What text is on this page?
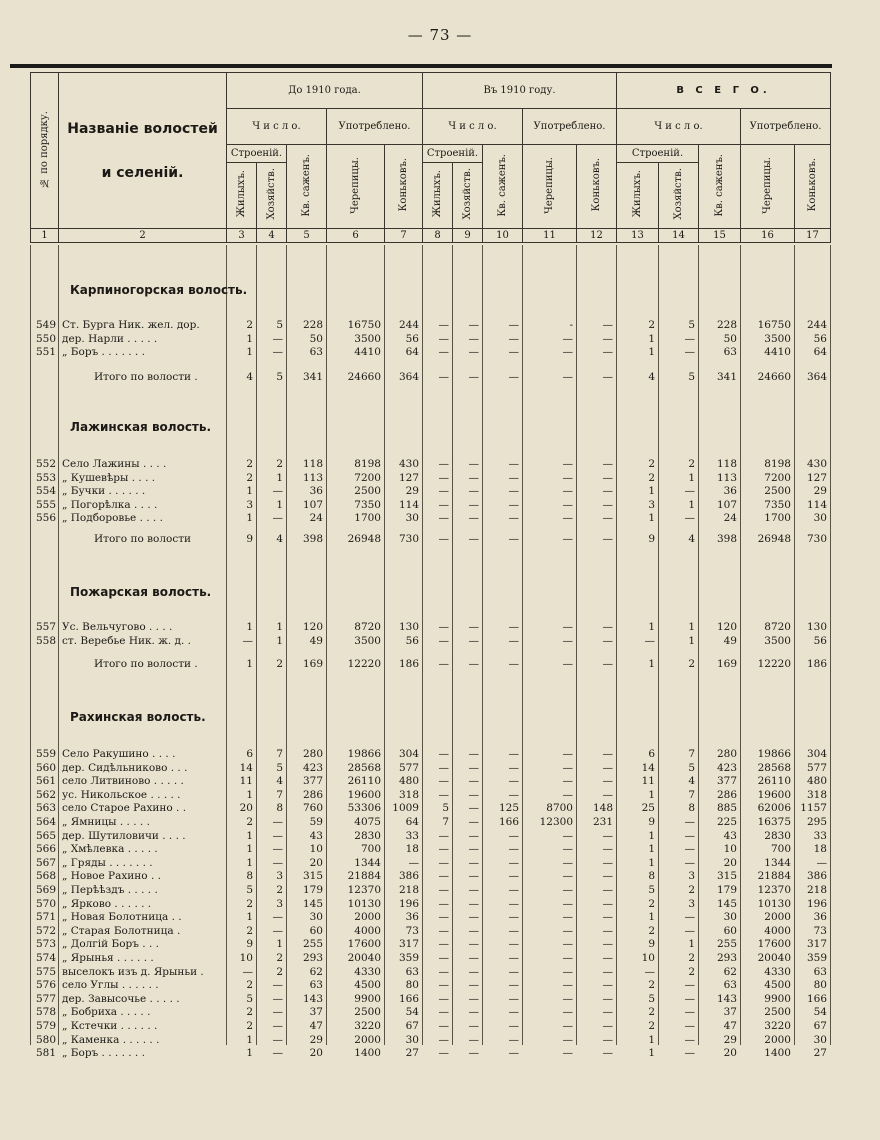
— 73 —
№ по порядку.	Названіе волостей
и селеній.	До 1910 года.					Въ 1910 году.					В С Е Г О.				
		Ч и с л о.			Употреблено.		Ч и с л о.			Употреблено.		Ч и с л о.			Употреблено.	
		Строеній.		Кв. саженъ.	Черепицы.	Коньковъ.	Строеній.		Кв. саженъ.	Черепицы.	Коньковъ.	Строеній.		Кв. саженъ.	Черепицы.	Коньковъ.
		Жилыхъ.	Хозяйств.				Жилыхъ.	Хозяйств.				Жилыхъ.	Хозяйств.			
1	2	3	4	5	6	7	8	9	10	11	12	13	14	15	16	17
Карпиногорская волость.
549 Ст. Бурга Ник. жел. дор.	2	5	228	16750	244	—	—	—	-	—	2	5	228	16750	244
550 дер. Нарли . . . . .	1	—	50	3500	56	—	—	—	—	—	1	—	50	3500	56
551 „ Боръ . . . . . . .	1	—	63	4410	64	—	—	—	—	—	1	—	63	4410	64
Итого по волости .	4	5	341	24660	364	—	—	—	—	—	4	5	341	24660	364
Лажинская волость.
552 Село Лажины . . . .	2	2	118	8198	430	—	—	—	—	—	2	2	118	8198	430
553 „ Кушевѣры . . . .	2	1	113	7200	127	—	—	—	—	—	2	1	113	7200	127
554 „ Бучки . . . . . .	1	—	36	2500	29	—	—	—	—	—	1	—	36	2500	29
555 „ Погорѣлка . . . .	3	1	107	7350	114	—	—	—	—	—	3	1	107	7350	114
556 „ Подборовье . . . .	1	—	24	1700	30	—	—	—	—	—	1	—	24	1700	30
Итого по волости	9	4	398	26948	730	—	—	—	—	—	9	4	398	26948	730
Пожарская волость.
557 Ус. Вельчугово . . . .	1	1	120	8720	130	—	—	—	—	—	1	1	120	8720	130
558 ст. Веребье Ник. ж. д. .	—	1	49	3500	56	—	—	—	—	—	—	1	49	3500	56
Итого по волости .	1	2	169	12220	186	—	—	—	—	—	1	2	169	12220	186
Рахинская волость.
559 Село Ракушино . . . .	6	7	280	19866	304	—	—	—	—	—	6	7	280	19866	304
560 дер. Сидѣльниково . . .	14	5	423	28568	577	—	—	—	—	—	14	5	423	28568	577
561 село Литвиново . . . . .	11	4	377	26110	480	—	—	—	—	—	11	4	377	26110	480
562 ус. Никольское . . . . .	1	7	286	19600	318	—	—	—	—	—	1	7	286	19600	318
563 село Старое Рахино . .	20	8	760	53306	1009	5	—	125	8700	148	25	8	885	62006 1157
564 „ Ямницы . . . . .	2	—	59	4075	64	7	—	166	12300	231	9	—	225	16375	295
565 дер. Шутиловичи . . . .	1	—	43	2830	33	—	—	—	—	—	1	—	43	2830	33
566 „ Хмѣлевка . . . . .	1	—	10	700	18	—	—	—	—	—	1	—	10	700	18
567 „ Гряды . . . . . . .	1	—	20	1344	—	—	—	—	—	—	1	—	20	1344	—
568 „ Новое Рахино . .	8	3	315	21884	386	—	—	—	—	—	8	3	315	21884	386
569 „ Перѣѣздъ . . . . .	5	2	179	12370	218	—	—	—	—	—	5	2	179	12370	218
570 „ Ярково . . . . . .	2	3	145	10130	196	—	—	—	—	—	2	3	145	10130	196
571 „ Новая Болотница . .	1	—	30	2000	36	—	—	—	—	—	1	—	30	2000	36
572 „ Старая Болотница .	2	—	60	4000	73	—	—	—	—	—	2	—	60	4000	73
573 „ Долгій Боръ . . .	9	1	255	17600	317	—	—	—	—	—	9	1	255	17600	317
574 „ Ярынья . . . . . .	10	2	293	20040	359	—	—	—	—	—	10	2	293	20040	359
575 выселокъ изъ д. Ярыньи .	—	2	62	4330	63	—	—	—	—	—	—	2	62	4330	63
576 село Углы . . . . . .	2	—	63	4500	80	—	—	—	—	—	2	—	63	4500	80
577 дер. Завысочье . . . . .	5	—	143	9900	166	—	—	—	—	—	5	—	143	9900	166
578 „ Бобриха . . . . .	2	—	37	2500	54	—	—	—	—	—	2	—	37	2500	54
579 „ Кстечки . . . . . .	2	—	47	3220	67	—	—	—	—	—	2	—	47	3220	67
580 „ Каменка . . . . . .	1	—	29	2000	30	—	—	—	—	—	1	—	29	2000	30
581 „ Боръ . . . . . . .	1	—	20	1400	27	—	—	—	—	—	1	—	20	1400	27
